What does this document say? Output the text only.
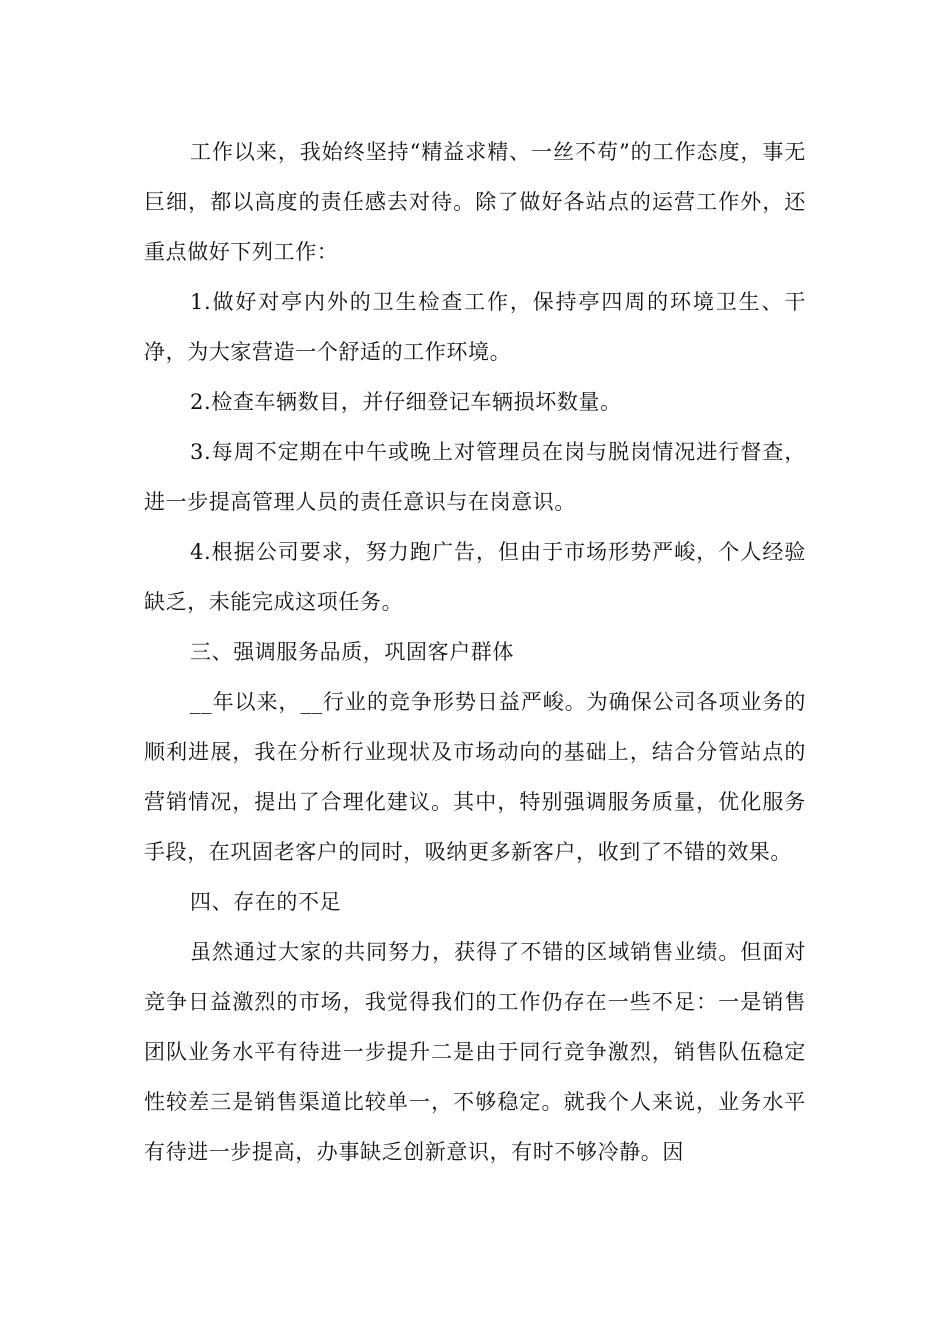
工作以来，我始终坚持“精益求精、一丝不苟”的工作态度，事无巨细，都以高度的责任感去对待。除了做好各站点的运营工作外，还重点做好下列工作：

1.做好对亭内外的卫生检查工作，保持亭四周的环境卫生、干净，为大家营造一个舒适的工作环境。

2.检查车辆数目，并仔细登记车辆损坏数量。

3.每周不定期在中午或晚上对管理员在岗与脱岗情况进行督查，进一步提高管理人员的责任意识与在岗意识。

4.根据公司要求，努力跑广告，但由于市场形势严峻，个人经验缺乏，未能完成这项任务。

三、强调服务品质，巩固客户群体

__年以来，__行业的竞争形势日益严峻。为确保公司各项业务的顺利进展，我在分析行业现状及市场动向的基础上，结合分管站点的营销情况，提出了合理化建议。其中，特别强调服务质量，优化服务手段，在巩固老客户的同时，吸纳更多新客户，收到了不错的效果。

四、存在的不足

虽然通过大家的共同努力，获得了不错的区域销售业绩。但面对竞争日益激烈的市场，我觉得我们的工作仍存在一些不足：一是销售团队业务水平有待进一步提升二是由于同行竞争激烈，销售队伍稳定性较差三是销售渠道比较单一，不够稳定。就我个人来说，业务水平有待进一步提高，办事缺乏创新意识，有时不够冷静。因
